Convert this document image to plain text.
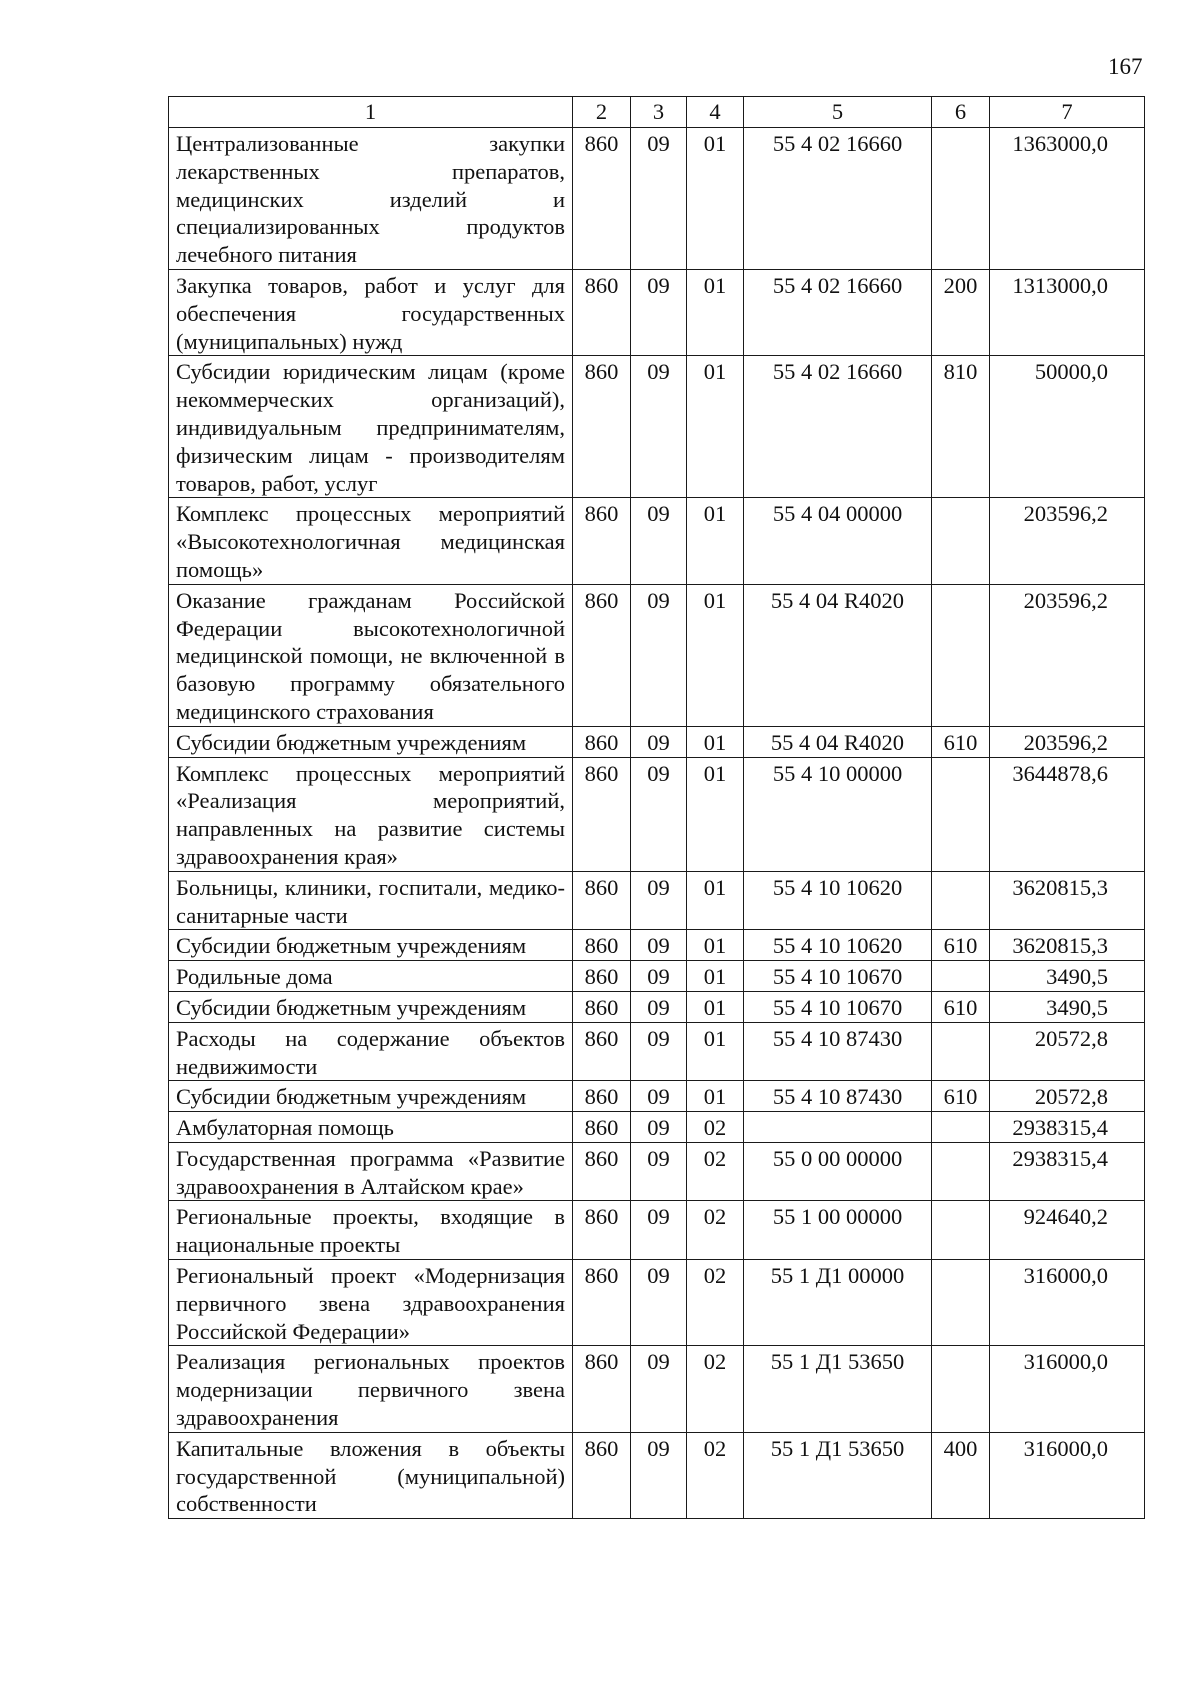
167
1	2	3	4	5	6	7
Централизованные закупки лекарственных препаратов, медицинских изделий и специализированных продуктов лечебного питания	860	09	01	55 4 02 16660		1363000,0
Закупка товаров, работ и услуг для обеспечения государственных (муниципальных) нужд	860	09	01	55 4 02 16660	200	1313000,0
Субсидии юридическим лицам (кроме некоммерческих организаций), индивидуальным предпринимателям, физическим лицам - производителям товаров, работ, услуг	860	09	01	55 4 02 16660	810	50000,0
Комплекс процессных мероприятий «Высокотехнологичная медицинская помощь»	860	09	01	55 4 04 00000		203596,2
Оказание гражданам Российской Федерации высокотехнологичной медицинской помощи, не включенной в базовую программу обязательного медицинского страхования	860	09	01	55 4 04 R4020		203596,2
Субсидии бюджетным учреждениям	860	09	01	55 4 04 R4020	610	203596,2
Комплекс процессных мероприятий «Реализация мероприятий, направленных на развитие системы здравоохранения края»	860	09	01	55 4 10 00000		3644878,6
Больницы, клиники, госпитали, медико-санитарные части	860	09	01	55 4 10 10620		3620815,3
Субсидии бюджетным учреждениям	860	09	01	55 4 10 10620	610	3620815,3
Родильные дома	860	09	01	55 4 10 10670		3490,5
Субсидии бюджетным учреждениям	860	09	01	55 4 10 10670	610	3490,5
Расходы на содержание объектов недвижимости	860	09	01	55 4 10 87430		20572,8
Субсидии бюджетным учреждениям	860	09	01	55 4 10 87430	610	20572,8
Амбулаторная помощь	860	09	02			2938315,4
Государственная программа «Развитие здравоохранения в Алтайском крае»	860	09	02	55 0 00 00000		2938315,4
Региональные проекты, входящие в национальные проекты	860	09	02	55 1 00 00000		924640,2
Региональный проект «Модернизация первичного звена здравоохранения Российской Федерации»	860	09	02	55 1 Д1 00000		316000,0
Реализация региональных проектов модернизации первичного звена здравоохранения	860	09	02	55 1 Д1 53650		316000,0
Капитальные вложения в объекты государственной (муниципальной) собственности	860	09	02	55 1 Д1 53650	400	316000,0
